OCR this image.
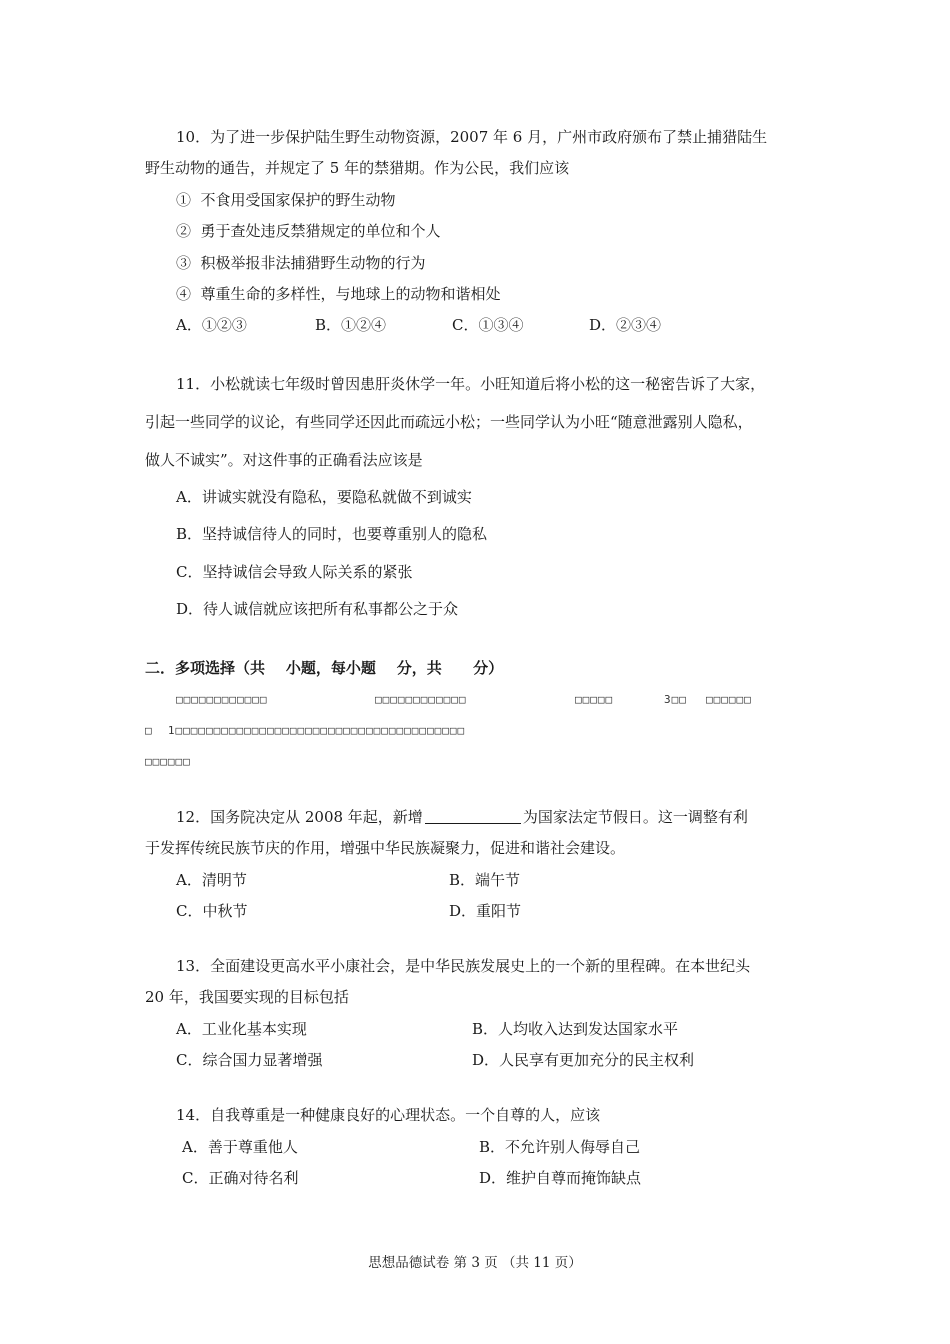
10．为了进一步保护陆生野生动物资源，2007 年 6 月，广州市政府颁布了禁止捕猎陆生
野生动物的通告，并规定了 5 年的禁猎期。作为公民，我们应该
①  不食用受国家保护的野生动物
②  勇于查处违反禁猎规定的单位和个人
③  积极举报非法捕猎野生动物的行为
④  尊重生命的多样性，与地球上的动物和谐相处
A．①②③	B．①②④	C．①③④	D．②③④
11．小松就读七年级时曾因患肝炎休学一年。小旺知道后将小松的这一秘密告诉了大家，
引起一些同学的议论，有些同学还因此而疏远小松；一些同学认为小旺“随意泄露别人隐私，
做人不诚实”。对这件事的正确看法应该是
A．讲诚实就没有隐私，要隐私就做不到诚实
B．坚持诚信待人的同时，也要尊重别人的隐私
C．坚持诚信会导致人际关系的紧张
D．待人诚信就应该把所有私事都公之于众
二．多项选择（共    小题，每小题    分，共      分）
□□□□□□□□□□□□	□□□□□□□□□□□□	□□□□□	3□□ □□□□□□
□  1□□□□□□□□□□□□□□□□□□□□□□□□□□□□□□□□□□□□□□
□□□□□□
12．国务院决定从 2008 年起，新增	为国家法定节假日。这一调整有利
于发挥传统民族节庆的作用，增强中华民族凝聚力，促进和谐社会建设。
A．清明节	B．端午节
C．中秋节	D．重阳节
13．全面建设更高水平小康社会，是中华民族发展史上的一个新的里程碑。在本世纪头
20 年，我国要实现的目标包括
A．工业化基本实现	B．人均收入达到发达国家水平
C．综合国力显著增强	D．人民享有更加充分的民主权利
14．自我尊重是一种健康良好的心理状态。一个自尊的人，应该
A．善于尊重他人	B．不允许别人侮辱自己
C．正确对待名利	D．维护自尊而掩饰缺点
思想品德试卷 第 3 页 （共 11 页）
